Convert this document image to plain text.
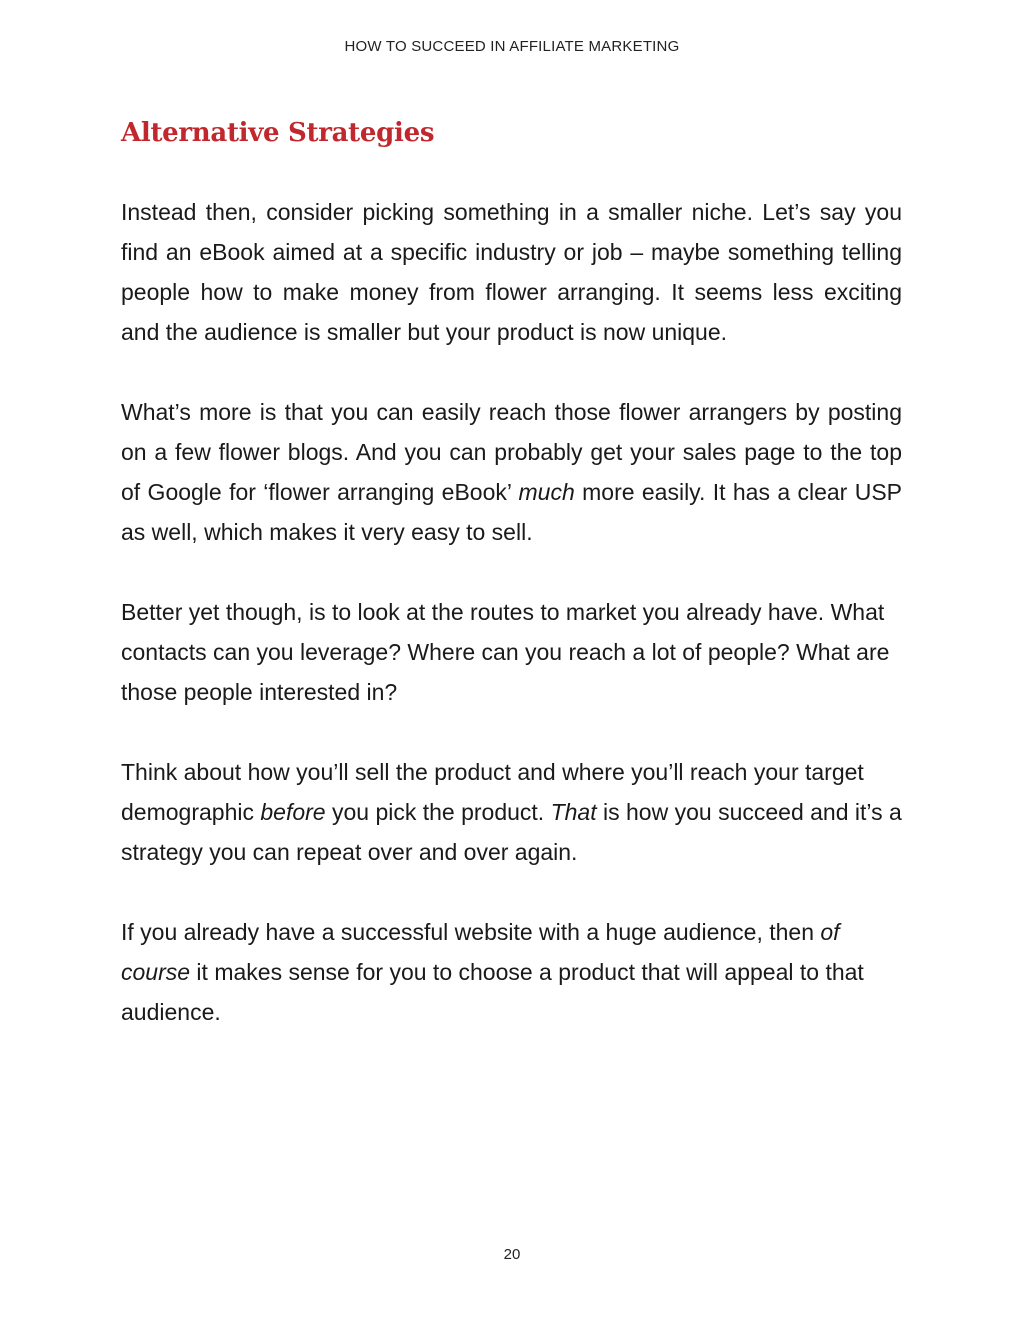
HOW TO SUCCEED IN AFFILIATE MARKETING
Alternative Strategies

Instead then, consider picking something in a smaller niche. Let’s say you find an eBook aimed at a specific industry or job – maybe something telling people how to make money from flower arranging. It seems less exciting and the audience is smaller but your product is now unique.

What’s more is that you can easily reach those flower arrangers by posting on a few flower blogs. And you can probably get your sales page to the top of Google for ‘flower arranging eBook’ much more easily. It has a clear USP as well, which makes it very easy to sell.

Better yet though, is to look at the routes to market you already have. What contacts can you leverage? Where can you reach a lot of people? What are those people interested in?

Think about how you’ll sell the product and where you’ll reach your target demographic before you pick the product. That is how you succeed and it’s a strategy you can repeat over and over again.

If you already have a successful website with a huge audience, then of course it makes sense for you to choose a product that will appeal to that audience.

20
